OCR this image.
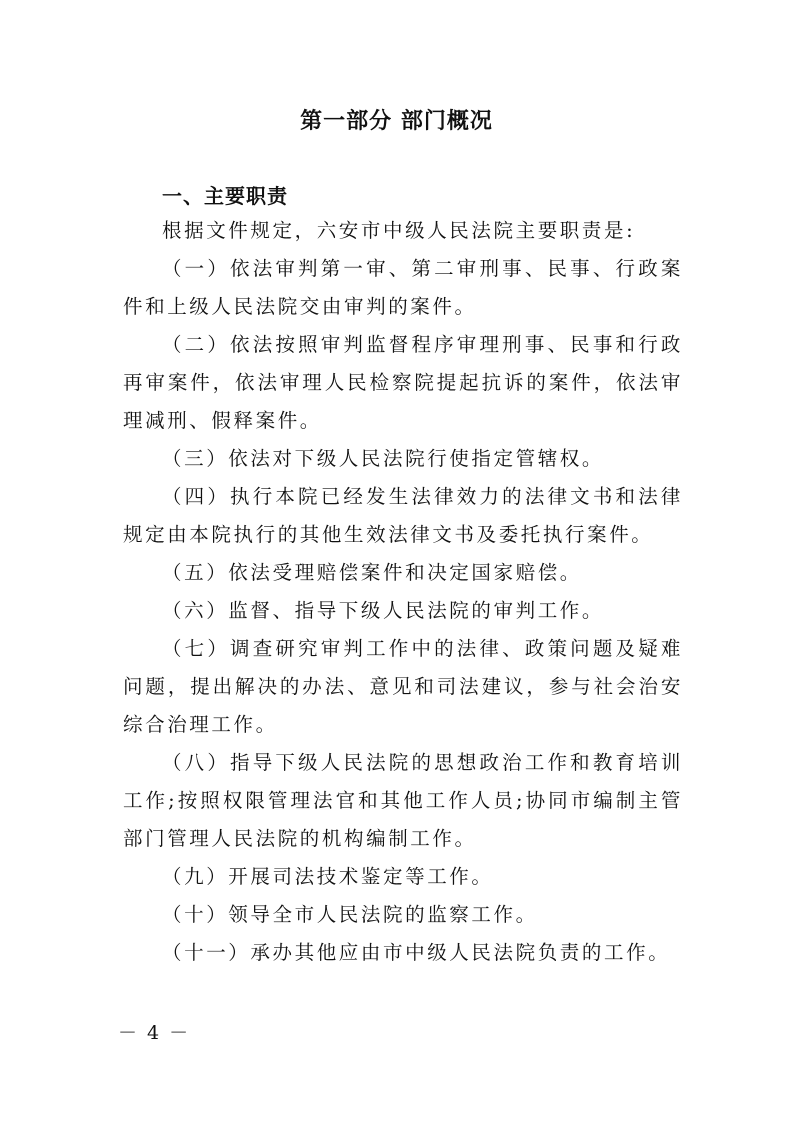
第一部分 部门概况
一、主要职责

根据文件规定，六安市中级人民法院主要职责是:

（一）依法审判第一审、第二审刑事、民事、行政案件和上级人民法院交由审判的案件。

（二）依法按照审判监督程序审理刑事、民事和行政再审案件，依法审理人民检察院提起抗诉的案件，依法审理减刑、假释案件。

（三）依法对下级人民法院行使指定管辖权。

（四）执行本院已经发生法律效力的法律文书和法律规定由本院执行的其他生效法律文书及委托执行案件。

（五）依法受理赔偿案件和决定国家赔偿。

（六）监督、指导下级人民法院的审判工作。

（七）调查研究审判工作中的法律、政策问题及疑难问题，提出解决的办法、意见和司法建议，参与社会治安综合治理工作。

（八）指导下级人民法院的思想政治工作和教育培训工作;按照权限管理法官和其他工作人员;协同市编制主管部门管理人民法院的机构编制工作。

（九）开展司法技术鉴定等工作。

（十）领导全市人民法院的监察工作。

（十一）承办其他应由市中级人民法院负责的工作。

－ 4 －
